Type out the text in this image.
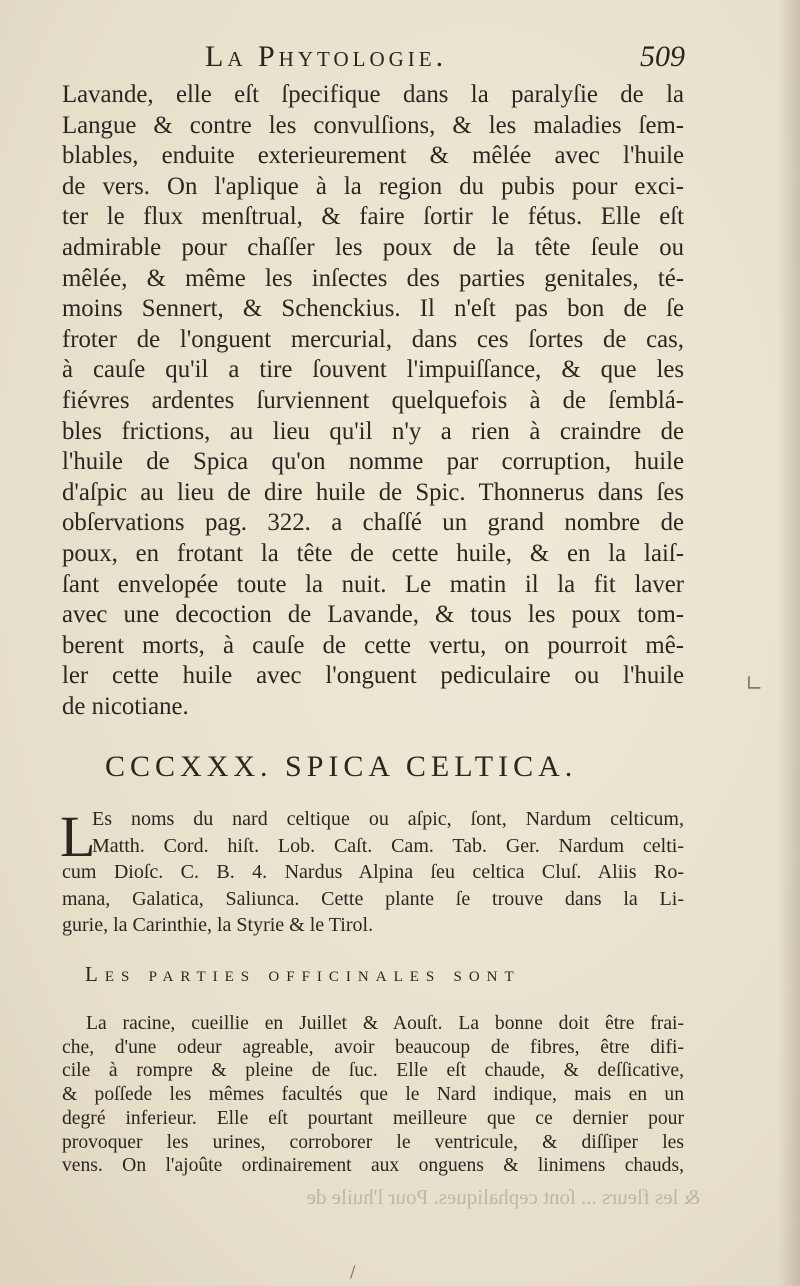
La Phytologie.	509
Lavande, elle eſt ſpecifique dans la paralyſie de la
Langue & contre les convulſions, & les maladies ſem-
blables, enduite exterieurement & mêlée avec l'huile
de vers. On l'aplique à la region du pubis pour exci-
ter le flux menſtrual, & faire ſortir le fétus. Elle eſt
admirable pour chaſſer les poux de la tête ſeule ou
mêlée, & même les inſectes des parties genitales, té-
moins Sennert, & Schenckius. Il n'eſt pas bon de ſe
froter de l'onguent mercurial, dans ces ſortes de cas,
à cauſe qu'il a tire ſouvent l'impuiſſance, & que les
fiévres ardentes ſurviennent quelquefois à de ſemblá-
bles frictions, au lieu qu'il n'y a rien à craindre de
l'huile de Spica qu'on nomme par corruption, huile
d'aſpic au lieu de dire huile de Spic. Thonnerus dans ſes
obſervations pag. 322. a chaſſé un grand nombre de
poux, en frotant la tête de cette huile, & en la laiſ-
ſant envelopée toute la nuit. Le matin il la fit laver
avec une decoction de Lavande, & tous les poux tom-
berent morts, à cauſe de cette vertu, on pourroit mê-
ler cette huile avec l'onguent pediculaire ou l'huile
de nicotiane.
CCCXXX. SPICA CELTICA.
L
Es noms du nard celtique ou aſpic, ſont, Nardum celticum,
Matth. Cord. hiſt. Lob. Caſt. Cam. Tab. Ger. Nardum celti-
cum Dioſc. C. B. 4. Nardus Alpina ſeu celtica Cluſ. Aliis Ro-
mana, Galatica, Saliunca. Cette plante ſe trouve dans la Li-
gurie, la Carinthie, la Styrie & le Tirol.
Les parties officinales sont
La racine, cueillie en Juillet & Aouſt. La bonne doit être frai-
che, d'une odeur agreable, avoir beaucoup de fibres, être difi-
cile à rompre & pleine de ſuc. Elle eſt chaude, & deſſicative,
& poſſede les mêmes facultés que le Nard indique, mais en un
degré inferieur. Elle eſt pourtant meilleure que ce dernier pour
provoquer les urines, corroborer le ventricule, & diſſiper les
vens. On l'ajoûte ordinairement aux onguens & linimens chauds,
& les fleurs ... ſont cephaliques. Pour l'huile de
∟
/
